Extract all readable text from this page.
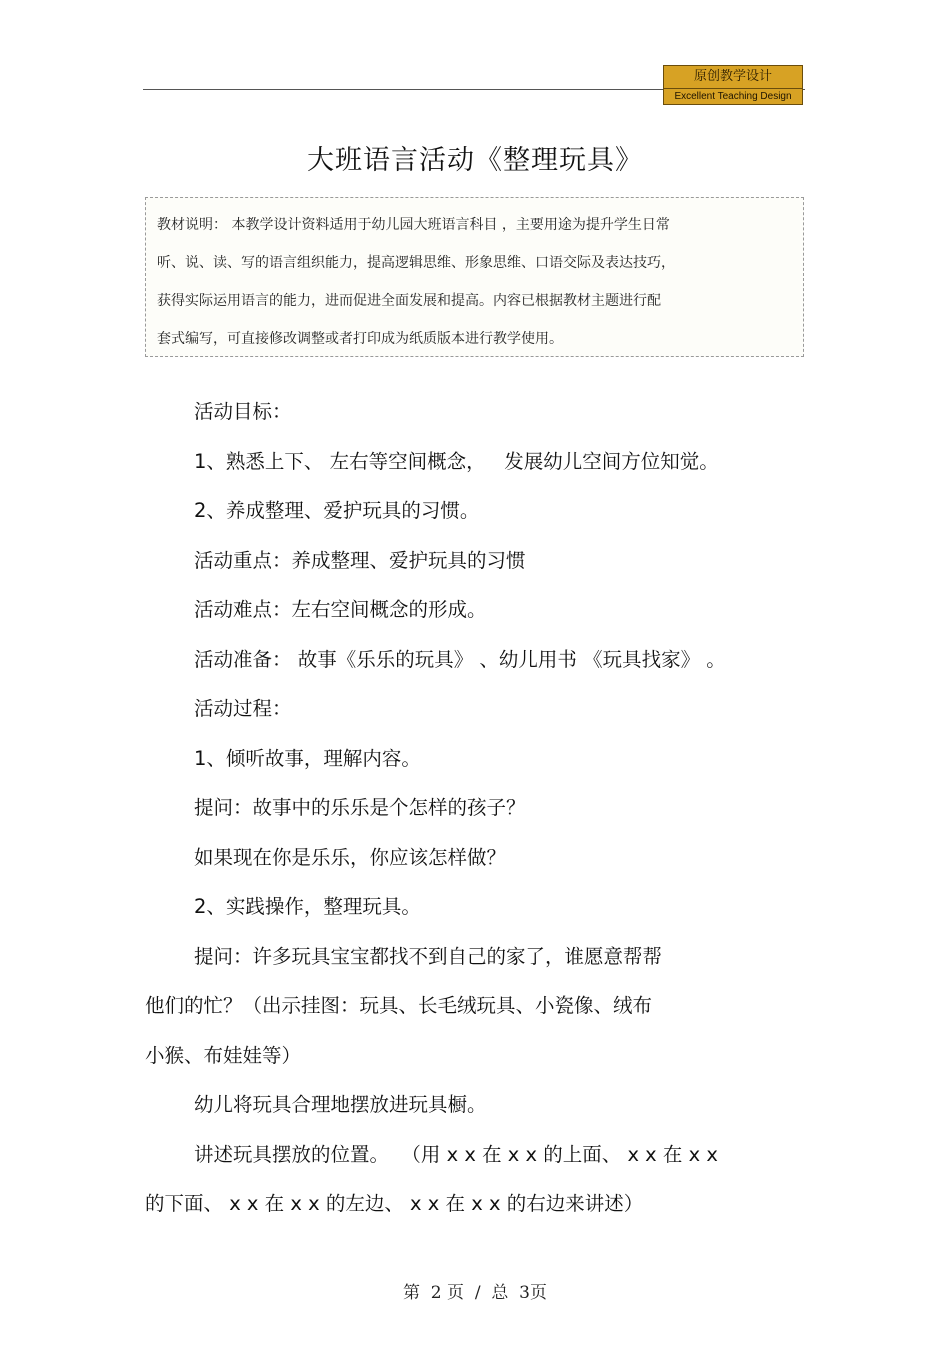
原创教学设计
Excellent Teaching Design
大班语言活动《整理玩具》
教材说明： 本教学设计资料适用于幼儿园大班语言科目 ，主要用途为提升学生日常
听、说、读、写的语言组织能力，提高逻辑思维、形象思维、口语交际及表达技巧，
获得实际运用语言的能力，进而促进全面发展和提高。内容已根据教材主题进行配
套式编写，可直接修改调整或者打印成为纸质版本进行教学使用。
活动目标：
1、熟悉上下、 左右等空间概念，   发展幼儿空间方位知觉。
2、养成整理、爱护玩具的习惯。
活动重点：养成整理、爱护玩具的习惯
活动难点：左右空间概念的形成。
活动准备： 故事《乐乐的玩具》 、幼儿用书 《玩具找家》 。
活动过程：
1、倾听故事，理解内容。
提问：故事中的乐乐是个怎样的孩子？
如果现在你是乐乐，你应该怎样做？
2、实践操作，整理玩具。
提问：许多玩具宝宝都找不到自己的家了，谁愿意帮帮
他们的忙？（出示挂图：玩具、长毛绒玩具、小瓷像、绒布
小猴、布娃娃等）
幼儿将玩具合理地摆放进玩具橱。
讲述玩具摆放的位置。  （用 x x 在 x x 的上面、 x x 在 x x
的下面、 x x 在 x x 的左边、 x x 在 x x 的右边来讲述）
第  2 页  /  总  3页
